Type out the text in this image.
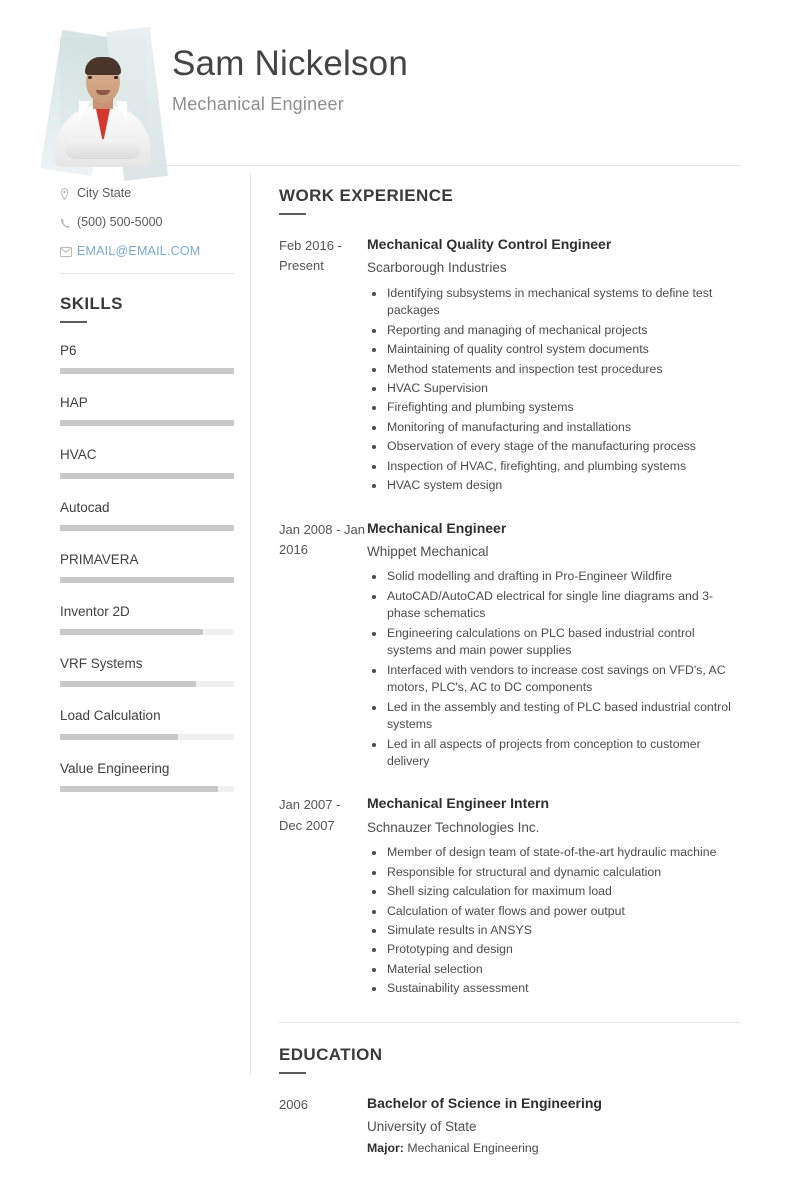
Sam Nickelson
Mechanical Engineer
City State
(500) 500-5000
EMAIL@EMAIL.COM
SKILLS
P6
HAP
HVAC
Autocad
PRIMAVERA
Inventor 2D
VRF Systems
Load Calculation
Value Engineering
WORK EXPERIENCE
Feb 2016 - Present
Mechanical Quality Control Engineer
Scarborough Industries
Identifying subsystems in mechanical systems to define test packages
Reporting and managing of mechanical projects
Maintaining of quality control system documents
Method statements and inspection test procedures
HVAC Supervision
Firefighting and plumbing systems
Monitoring of manufacturing and installations
Observation of every stage of the manufacturing process
Inspection of HVAC, firefighting, and plumbing systems
HVAC system design
Jan 2008 - Jan 2016
Mechanical Engineer
Whippet Mechanical
Solid modelling and drafting in Pro-Engineer Wildfire
AutoCAD/AutoCAD electrical for single line diagrams and 3-phase schematics
Engineering calculations on PLC based industrial control systems and main power supplies
Interfaced with vendors to increase cost savings on VFD's, AC motors, PLC's, AC to DC components
Led in the assembly and testing of PLC based industrial control systems
Led in all aspects of projects from conception to customer delivery
Jan 2007 - Dec 2007
Mechanical Engineer Intern
Schnauzer Technologies Inc.
Member of design team of state-of-the-art hydraulic machine
Responsible for structural and dynamic calculation
Shell sizing calculation for maximum load
Calculation of water flows and power output
Simulate results in ANSYS
Prototyping and design
Material selection
Sustainability assessment
EDUCATION
2006	Bachelor of Science in Engineering
University of State
Major: Mechanical Engineering
